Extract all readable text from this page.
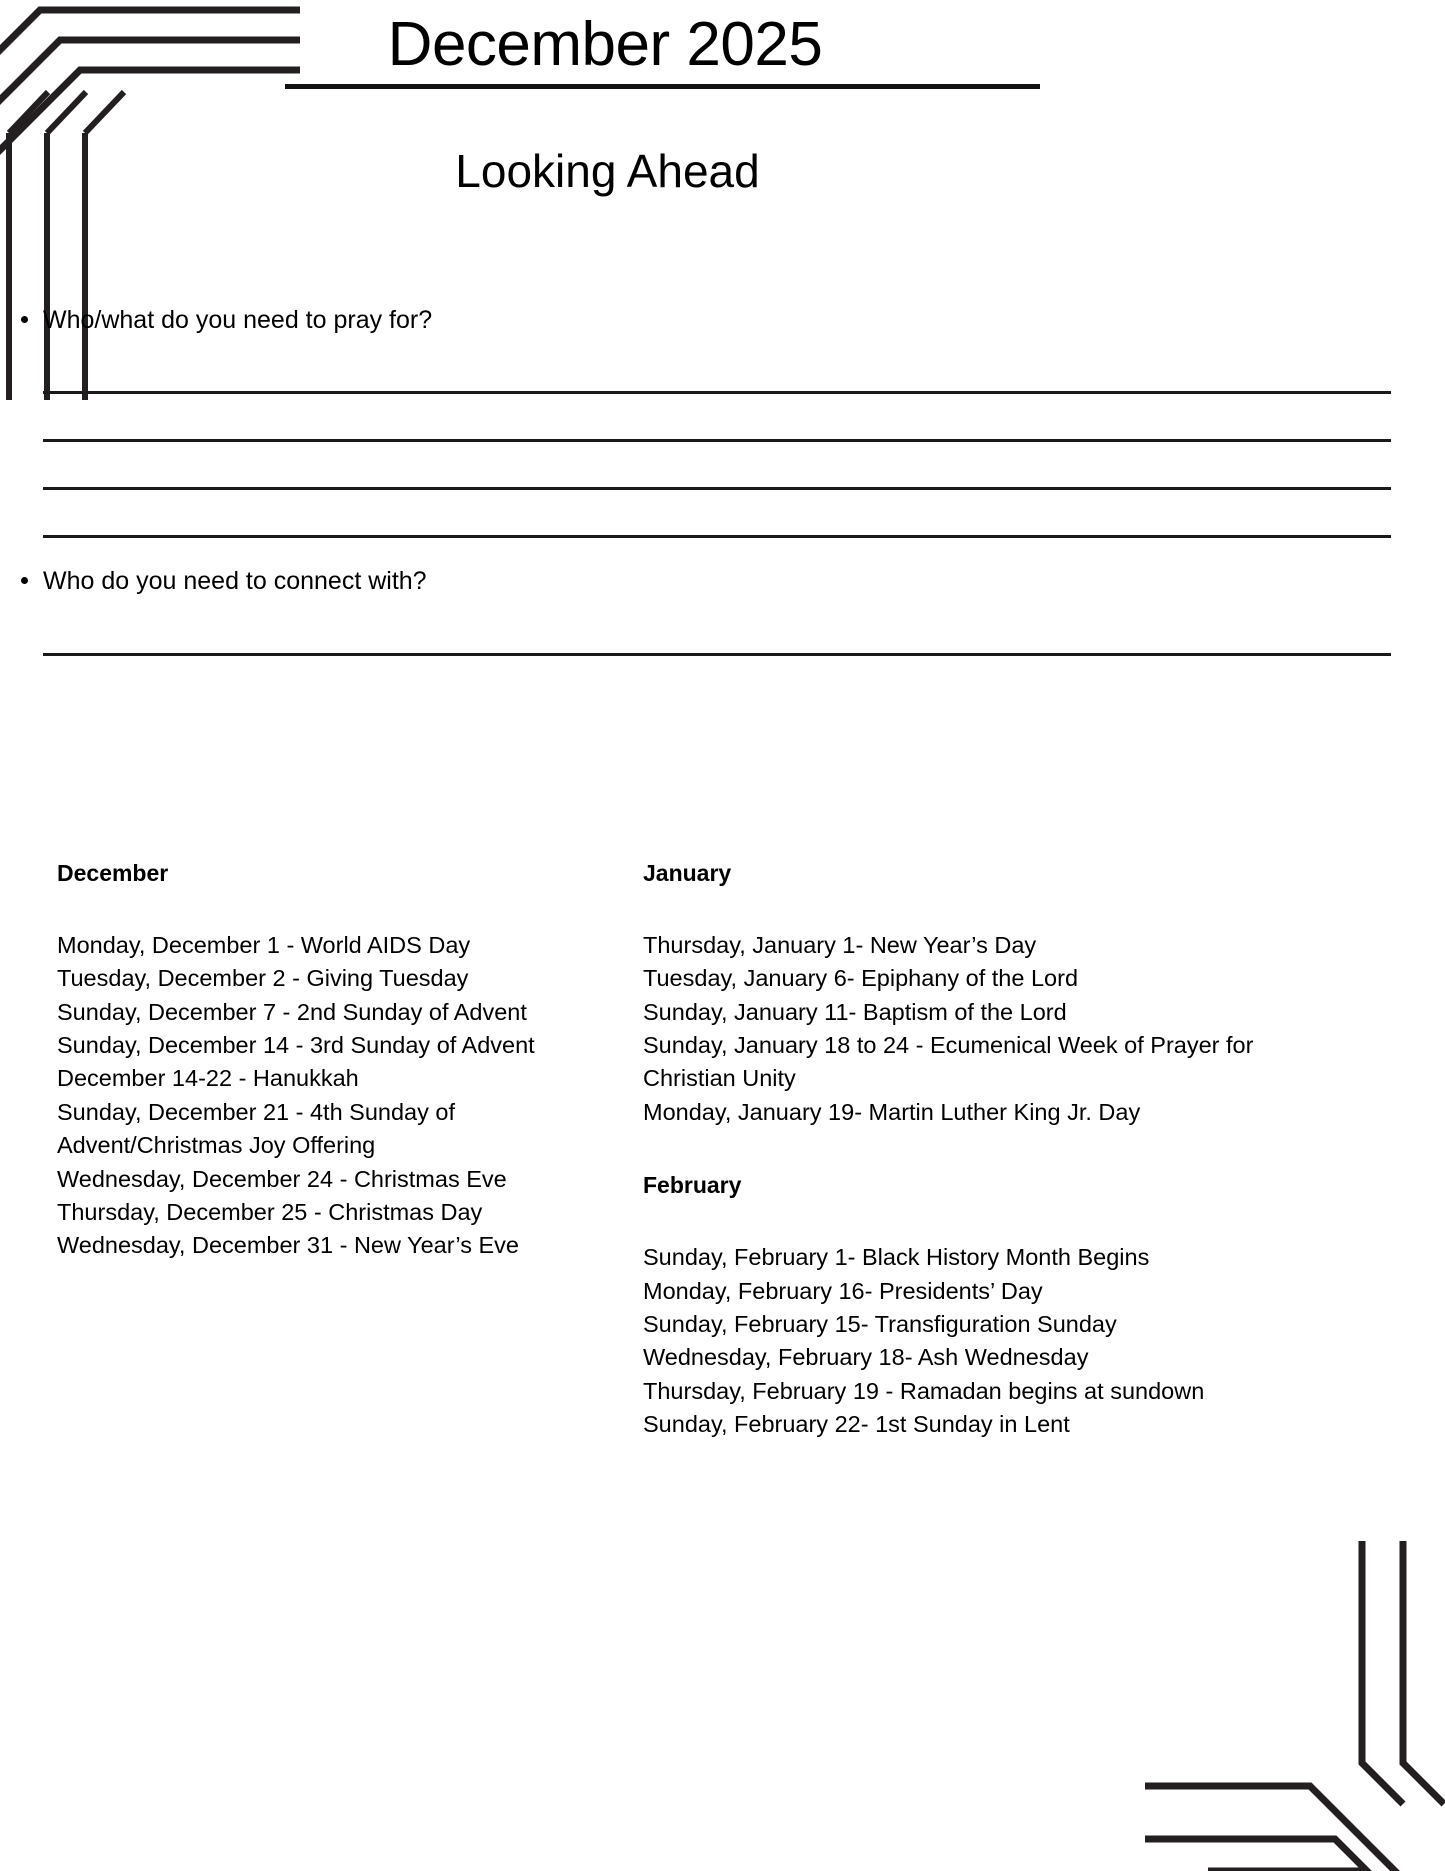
December 2025
Looking Ahead
Who/what do you need to pray for?
Who do you need to connect with?
December
Monday, December 1 - World AIDS Day
Tuesday, December 2 - Giving Tuesday
Sunday, December 7 - 2nd Sunday of Advent
Sunday, December 14 - 3rd Sunday of Advent
December 14-22 - Hanukkah
Sunday, December 21 - 4th Sunday of Advent/Christmas Joy Offering
Wednesday, December 24 - Christmas Eve
Thursday, December 25 - Christmas Day
Wednesday, December 31 - New Year’s Eve
January
Thursday, January 1- New Year’s Day
Tuesday, January 6- Epiphany of the Lord
Sunday, January 11- Baptism of the Lord
Sunday, January 18 to 24 - Ecumenical Week of Prayer for Christian Unity
Monday, January 19- Martin Luther King Jr. Day
February
Sunday, February 1- Black History Month Begins
Monday, February 16- Presidents’ Day
Sunday, February 15- Transfiguration Sunday
Wednesday, February 18- Ash Wednesday
Thursday, February 19 - Ramadan begins at sundown
Sunday, February 22- 1st Sunday in Lent
